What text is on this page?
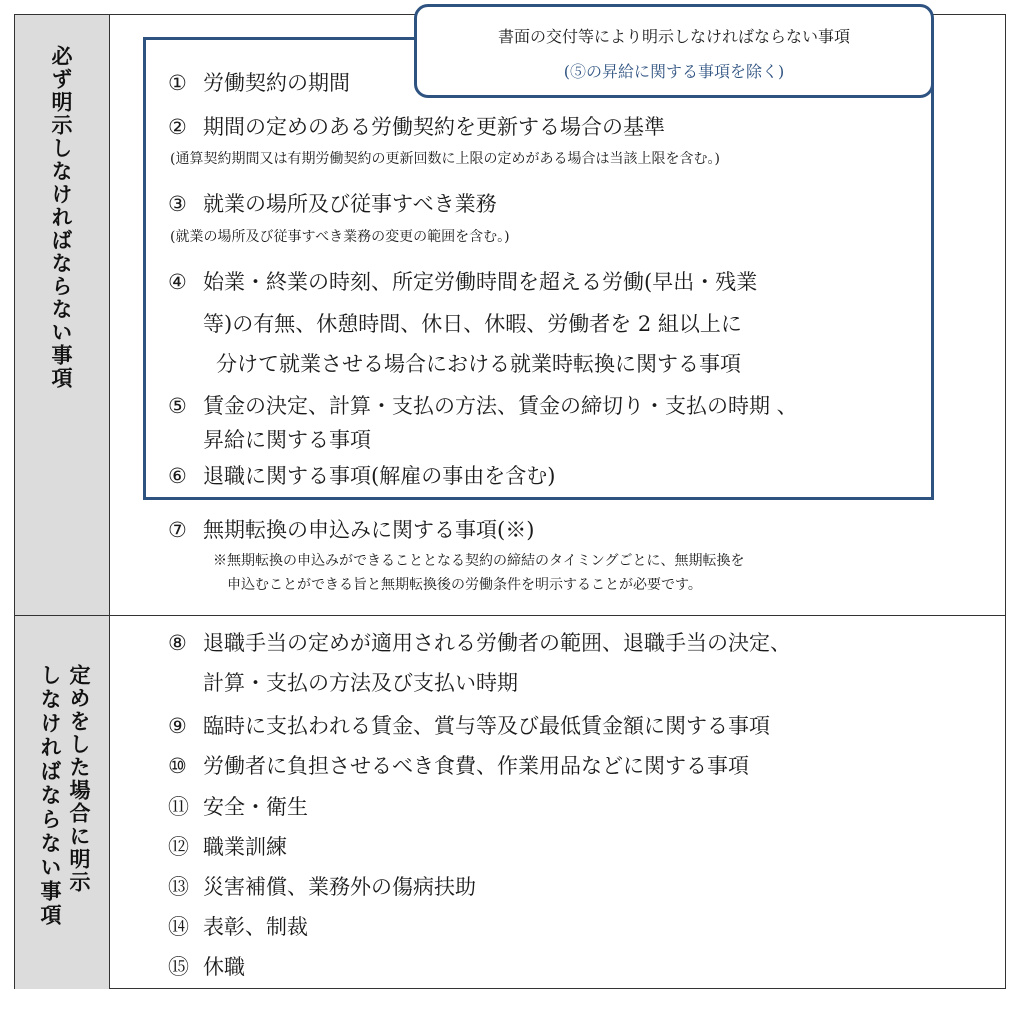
必ず明示しなければならない事項
定めをした場合に明示
しなければならない事項
書面の交付等により明示しなければならない事項
(⑤の昇給に関する事項を除く)
① 労働契約の期間
② 期間の定めのある労働契約を更新する場合の基準
(通算契約期間又は有期労働契約の更新回数に上限の定めがある場合は当該上限を含む。)
③ 就業の場所及び従事すべき業務
(就業の場所及び従事すべき業務の変更の範囲を含む。)
④ 始業・終業の時刻、所定労働時間を超える労働(早出・残業
等)の有無、休憩時間、休日、休暇、労働者を 2 組以上に
分けて就業させる場合における就業時転換に関する事項
⑤ 賃金の決定、計算・支払の方法、賃金の締切り・支払の時期 、
昇給に関する事項
⑥ 退職に関する事項(解雇の事由を含む)
⑦ 無期転換の申込みに関する事項(※)
※無期転換の申込みができることとなる契約の締結のタイミングごとに、無期転換を
申込むことができる旨と無期転換後の労働条件を明示することが必要です。
⑧ 退職手当の定めが適用される労働者の範囲、退職手当の決定、
計算・支払の方法及び支払い時期
⑨ 臨時に支払われる賃金、賞与等及び最低賃金額に関する事項
⑩ 労働者に負担させるべき食費、作業用品などに関する事項
⑪ 安全・衛生
⑫ 職業訓練
⑬ 災害補償、業務外の傷病扶助
⑭ 表彰、制裁
⑮ 休職
